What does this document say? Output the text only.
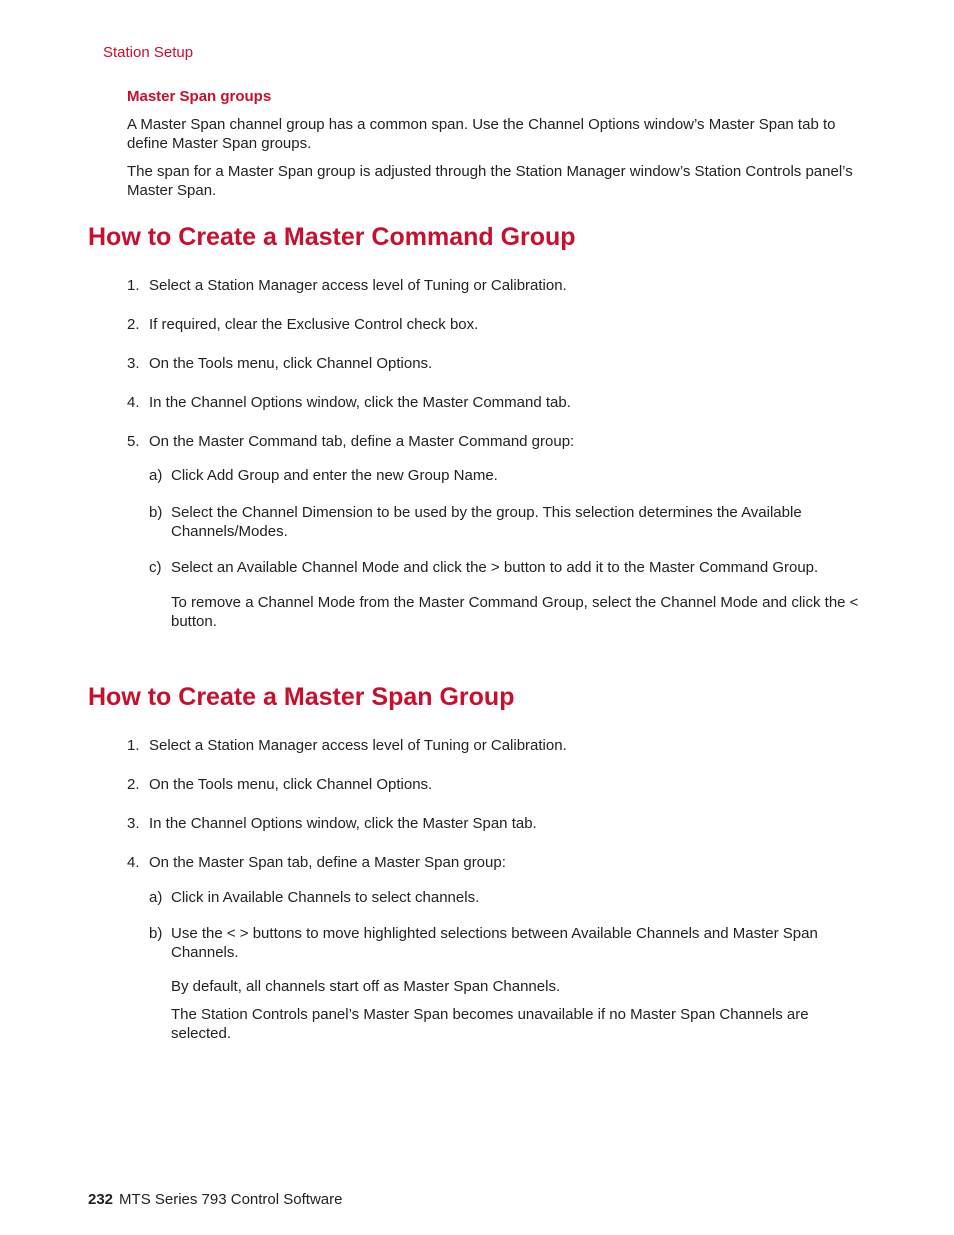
Station Setup
Master Span groups
A Master Span channel group has a common span. Use the Channel Options window’s Master Span tab to define Master Span groups.
The span for a Master Span group is adjusted through the Station Manager window’s Station Controls panel’s Master Span.
How to Create a Master Command Group
1. Select a Station Manager access level of Tuning or Calibration.
2. If required, clear the Exclusive Control check box.
3. On the Tools menu, click Channel Options.
4. In the Channel Options window, click the Master Command tab.
5. On the Master Command tab, define a Master Command group:
a) Click Add Group and enter the new Group Name.
b) Select the Channel Dimension to be used by the group. This selection determines the Available Channels/Modes.
c) Select an Available Channel Mode and click the > button to add it to the Master Command Group.
To remove a Channel Mode from the Master Command Group, select the Channel Mode and click the < button.
How to Create a Master Span Group
1. Select a Station Manager access level of Tuning or Calibration.
2. On the Tools menu, click Channel Options.
3. In the Channel Options window, click the Master Span tab.
4. On the Master Span tab, define a Master Span group:
a) Click in Available Channels to select channels.
b) Use the < > buttons to move highlighted selections between Available Channels and Master Span Channels.
By default, all channels start off as Master Span Channels.
The Station Controls panel’s Master Span becomes unavailable if no Master Span Channels are selected.
232 MTS Series 793 Control Software
